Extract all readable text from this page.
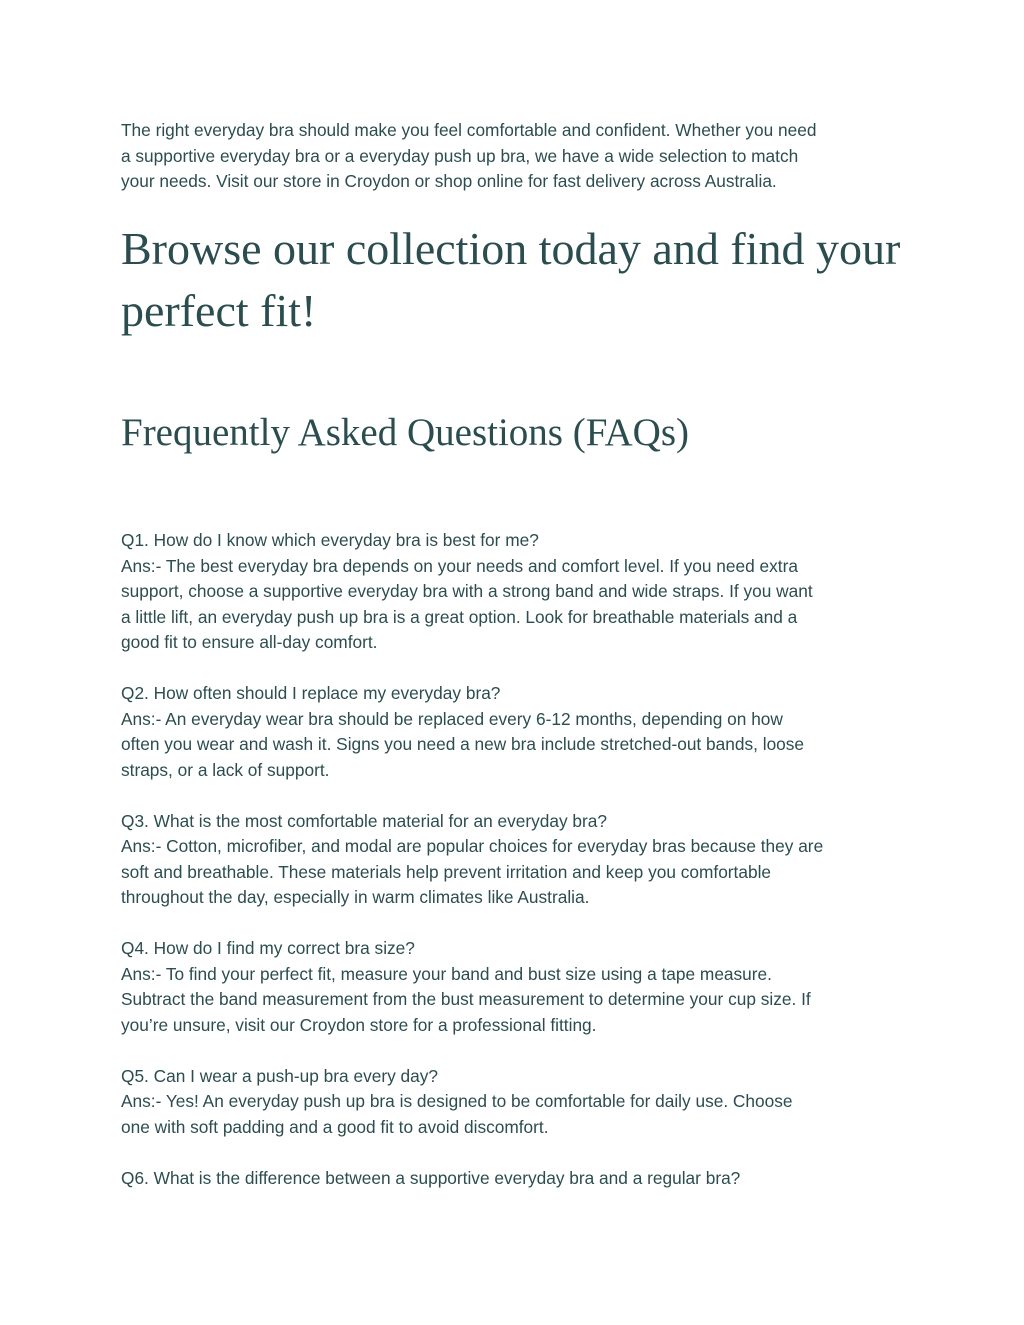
The right everyday bra should make you feel comfortable and confident. Whether you need
a supportive everyday bra or a everyday push up bra, we have a wide selection to match
your needs. Visit our store in Croydon or shop online for fast delivery across Australia.

Browse our collection today and find your
perfect fit!
Frequently Asked Questions (FAQs)
Q1. How do I know which everyday bra is best for me?
Ans:- The best everyday bra depends on your needs and comfort level. If you need extra
support, choose a supportive everyday bra with a strong band and wide straps. If you want
a little lift, an everyday push up bra is a great option. Look for breathable materials and a
good fit to ensure all-day comfort.
Q2. How often should I replace my everyday bra?
Ans:- An everyday wear bra should be replaced every 6-12 months, depending on how
often you wear and wash it. Signs you need a new bra include stretched-out bands, loose
straps, or a lack of support.
Q3. What is the most comfortable material for an everyday bra?
Ans:- Cotton, microfiber, and modal are popular choices for everyday bras because they are
soft and breathable. These materials help prevent irritation and keep you comfortable
throughout the day, especially in warm climates like Australia.
Q4. How do I find my correct bra size?
Ans:- To find your perfect fit, measure your band and bust size using a tape measure.
Subtract the band measurement from the bust measurement to determine your cup size. If
you’re unsure, visit our Croydon store for a professional fitting.
Q5. Can I wear a push-up bra every day?
Ans:- Yes! An everyday push up bra is designed to be comfortable for daily use. Choose
one with soft padding and a good fit to avoid discomfort.
Q6. What is the difference between a supportive everyday bra and a regular bra?
